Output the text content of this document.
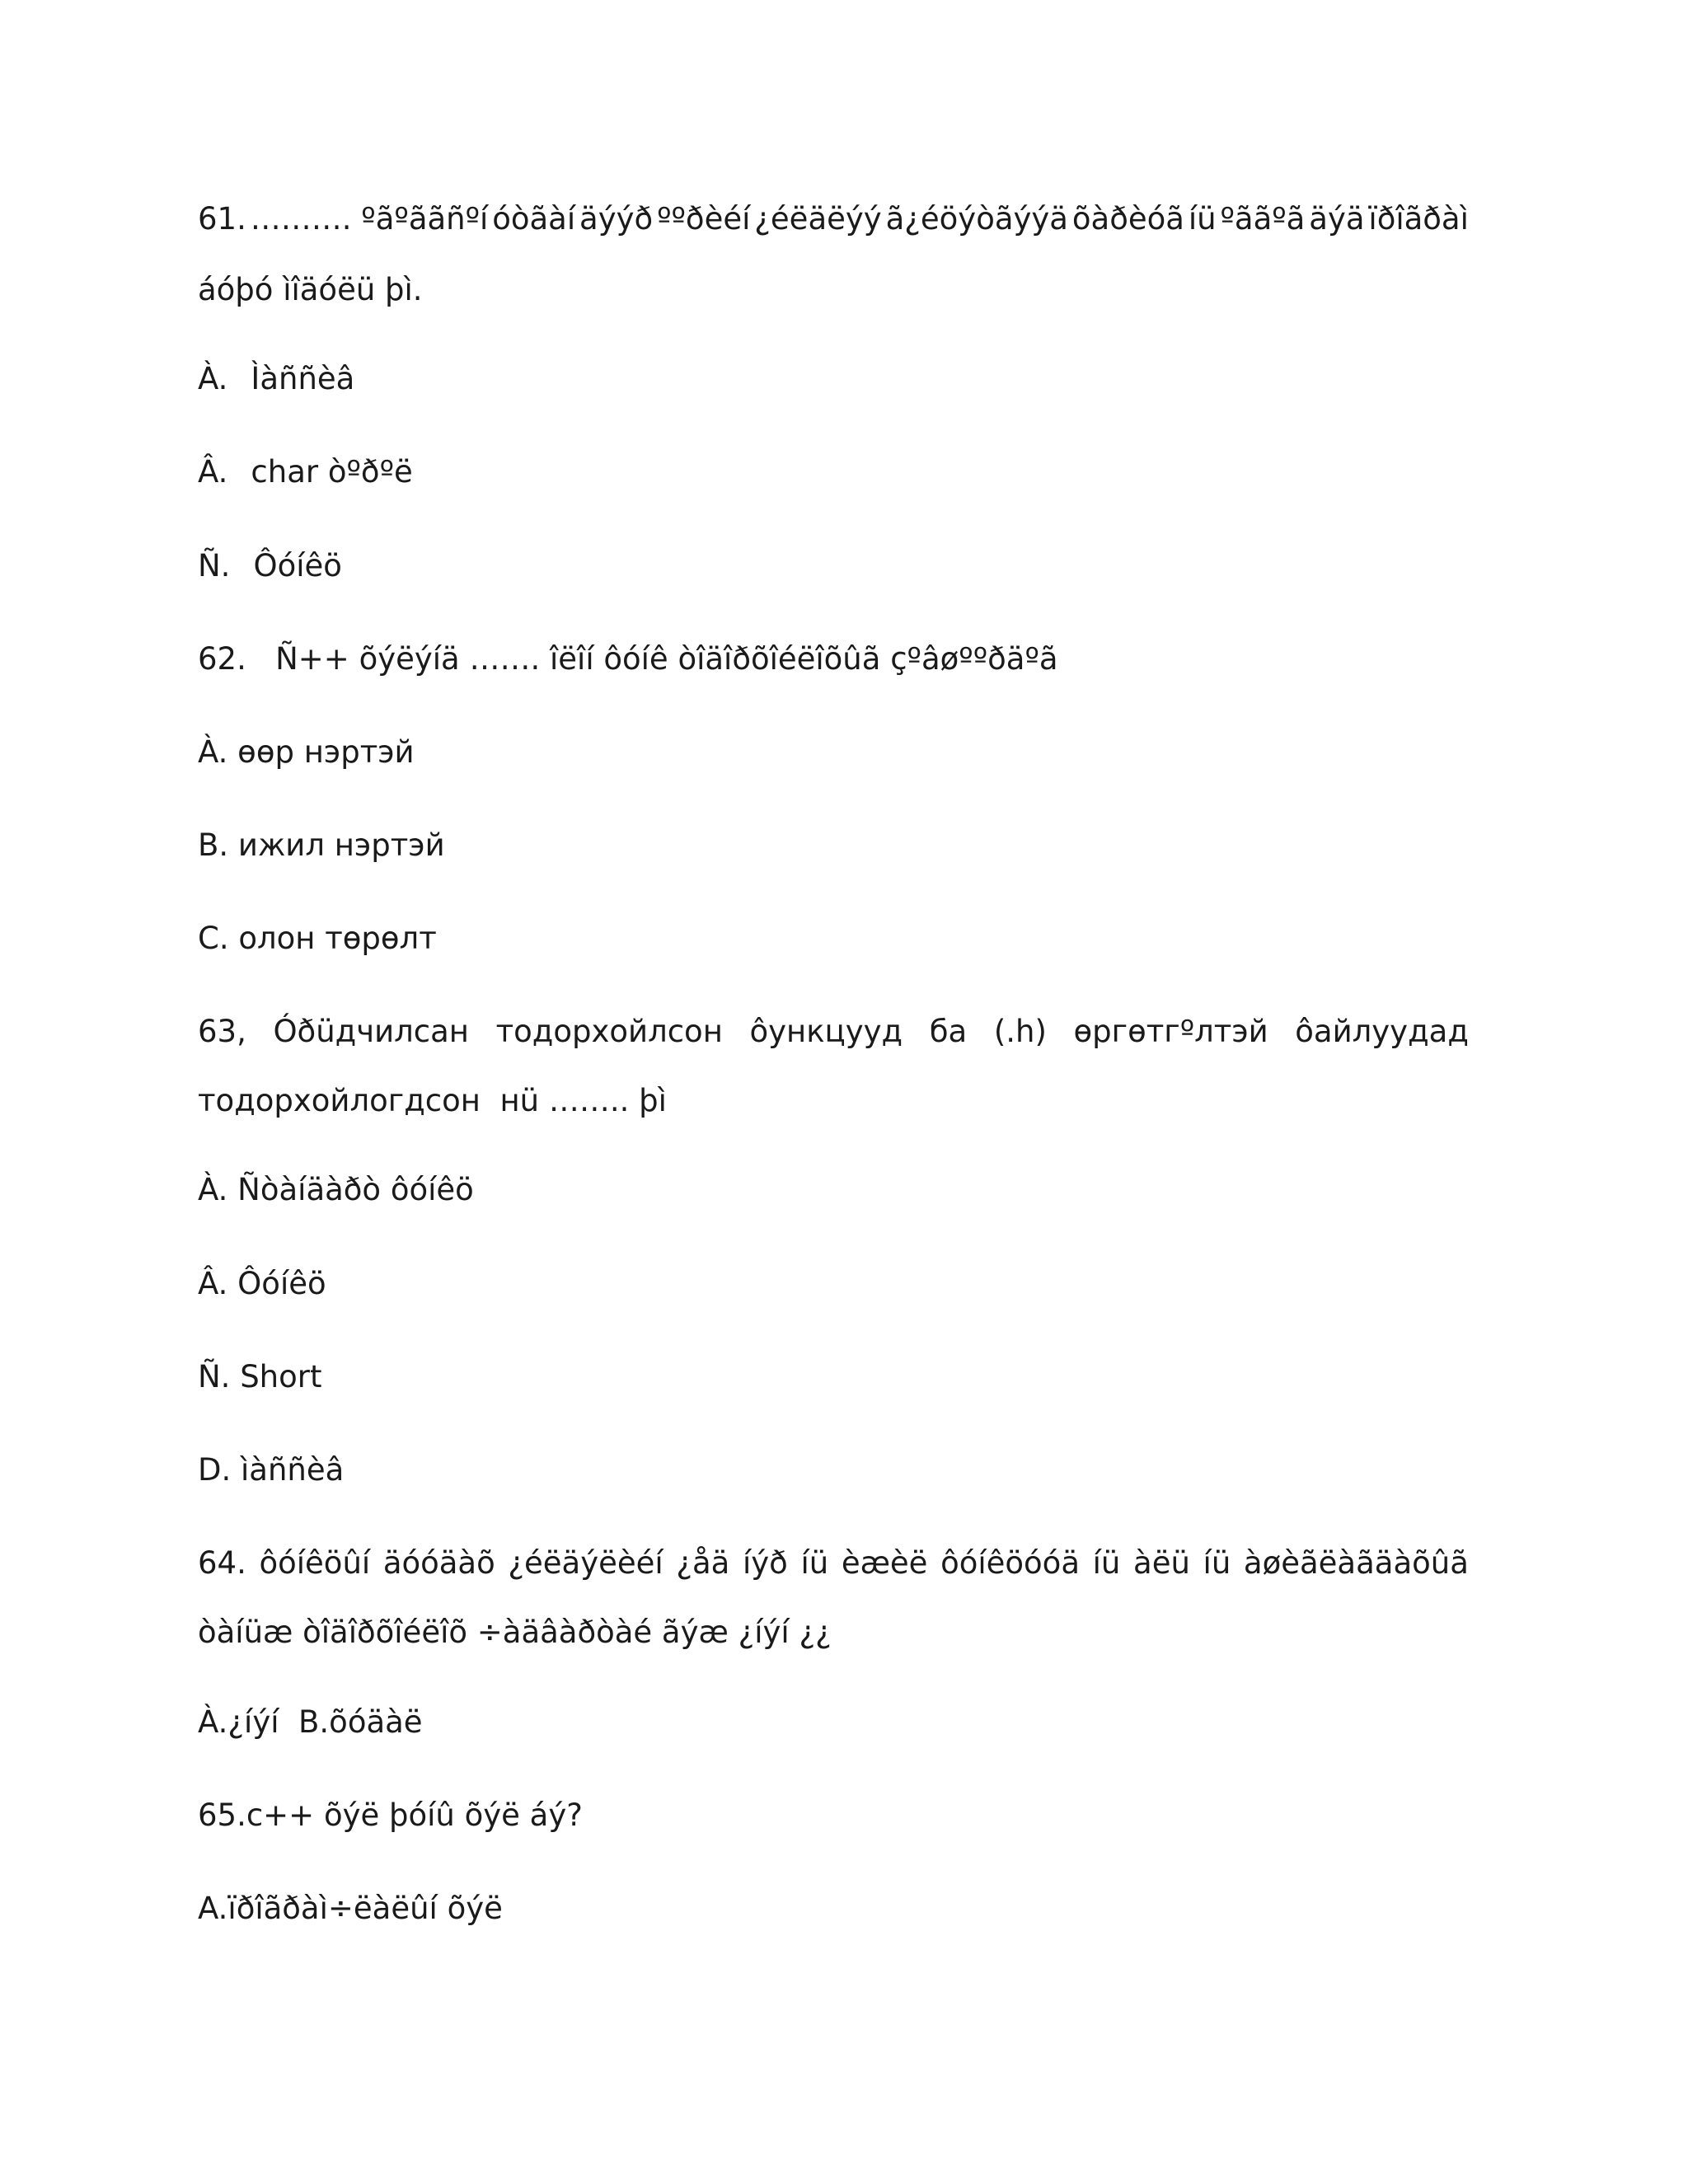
61. ………. ºãºããñºí óòãàí äýýð ººðèéí ¿éëäëýý ã¿éöýòãýýä õàðèóã íü ºããºã äýä ïðîãðàì
áóþó ìîäóëü þì.
À. Ìàññèâ
Â. char òºðºë
Ñ. Ôóíêö
62.   Ñ++ õýëýíä ……. îëîí ôóíê òîäîðõîéëîõûã çºâøººðäºã
À. өөр нэртэй
B. ижил нэртэй
C. олон төрөлт
63, Óðüдчилсан тодорхойлсон ôункцууд ба (.h) өргөтгºлтэй ôайлуудад
тодорхойлогдсон  нü …….. þì
À. Ñòàíäàðò ôóíêö
Â. Ôóíêö
Ñ. Short
D. ìàññèâ
64. ôóíêöûí äóóäàõ ¿éëäýëèéí ¿åä íýð íü èæèë ôóíêöóóä íü àëü íü àøèãëàãäàõûã
òàíüæ òîäîðõîéëîõ ÷àäâàðòàé ãýæ ¿íýí ¿¿
À.¿íýí  B.õóäàë
65.c++ õýë þóíû õýë áý?
A.ïðîãðàì÷ëàëûí õýë
